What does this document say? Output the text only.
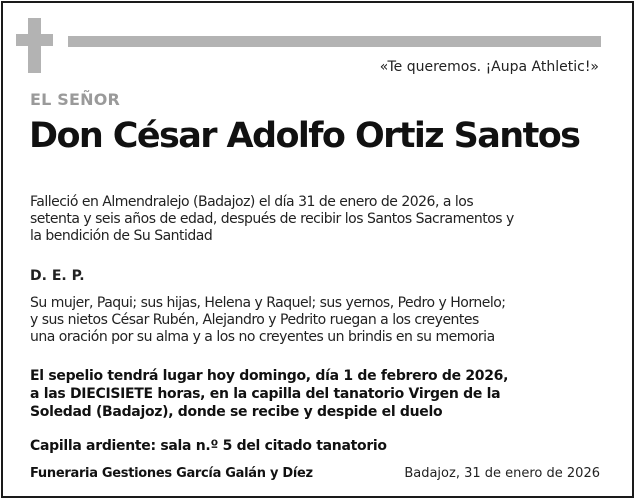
«Te queremos. ¡Aupa Athletic!»
EL SEÑOR
Don César Adolfo Ortiz Santos
Falleció en Almendralejo (Badajoz) el día 31 de enero de 2026, a los
setenta y seis años de edad, después de recibir los Santos Sacramentos y
la bendición de Su Santidad
D. E. P.
Su mujer, Paqui; sus hijas, Helena y Raquel; sus yernos, Pedro y Hornelo;
y sus nietos César Rubén, Alejandro y Pedrito ruegan a los creyentes
una oración por su alma y a los no creyentes un brindis en su memoria
El sepelio tendrá lugar hoy domingo, día 1 de febrero de 2026,
a las DIECISIETE horas, en la capilla del tanatorio Virgen de la
Soledad (Badajoz), donde se recibe y despide el duelo
Capilla ardiente: sala n.º 5 del citado tanatorio
Funeraria Gestiones García Galán y Díez	Badajoz, 31 de enero de 2026
